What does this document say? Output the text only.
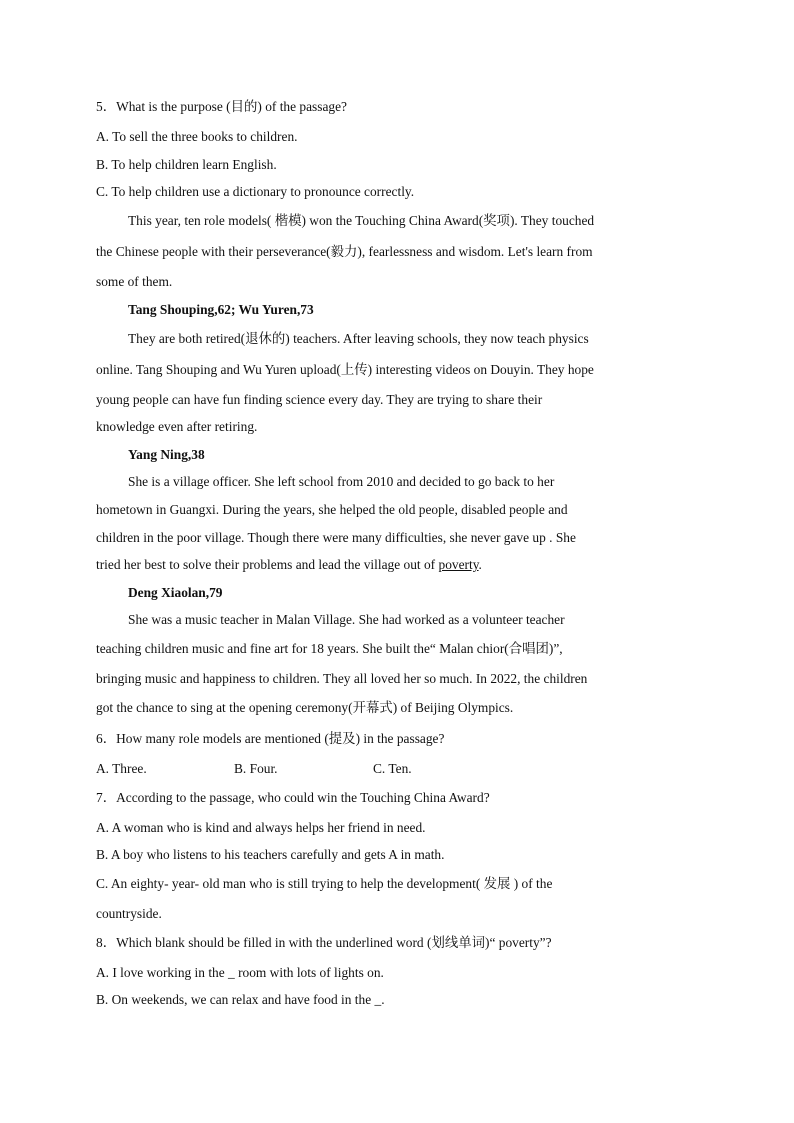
5．What is the purpose (目的) of the passage?
A. To sell the three books to children.
B. To help children learn English.
C. To help children use a dictionary to pronounce correctly.
This year, ten role models( 楷模) won the Touching China Award(奖项). They touched
the Chinese people with their perseverance(毅力), fearlessness and wisdom. Let's learn from
some of them.
Tang Shouping,62; Wu Yuren,73
They are both retired(退休的) teachers. After leaving schools, they now teach physics
online. Tang Shouping and Wu Yuren upload(上传) interesting videos on Douyin. They hope
young people can have fun finding science every day. They are trying to share their
knowledge even after retiring.
Yang Ning,38
She is a village officer. She left school from 2010 and decided to go back to her
hometown in Guangxi. During the years, she helped the old people, disabled people and
children in the poor village. Though there were many difficulties, she never gave up . She
tried her best to solve their problems and lead the village out of poverty.
Deng Xiaolan,79
She was a music teacher in Malan Village. She had worked as a volunteer teacher
teaching children music and fine art for 18 years. She built the“ Malan chior(合唱团)”,
bringing music and happiness to children. They all loved her so much. In 2022, the children
got the chance to sing at the opening ceremony(开幕式) of Beijing Olympics.
6．How many role models are mentioned (提及) in the passage?
A. Three.	B. Four.	C. Ten.
7．According to the passage, who could win the Touching China Award?
A. A woman who is kind and always helps her friend in need.
B. A boy who listens to his teachers carefully and gets A in math.
C. An eighty- year- old man who is still trying to help the development( 发展 ) of the
countryside.
8．Which blank should be filled in with the underlined word (划线单词)“ poverty”?
A. I love working in the _ room with lots of lights on.
B. On weekends, we can relax and have food in the _.
